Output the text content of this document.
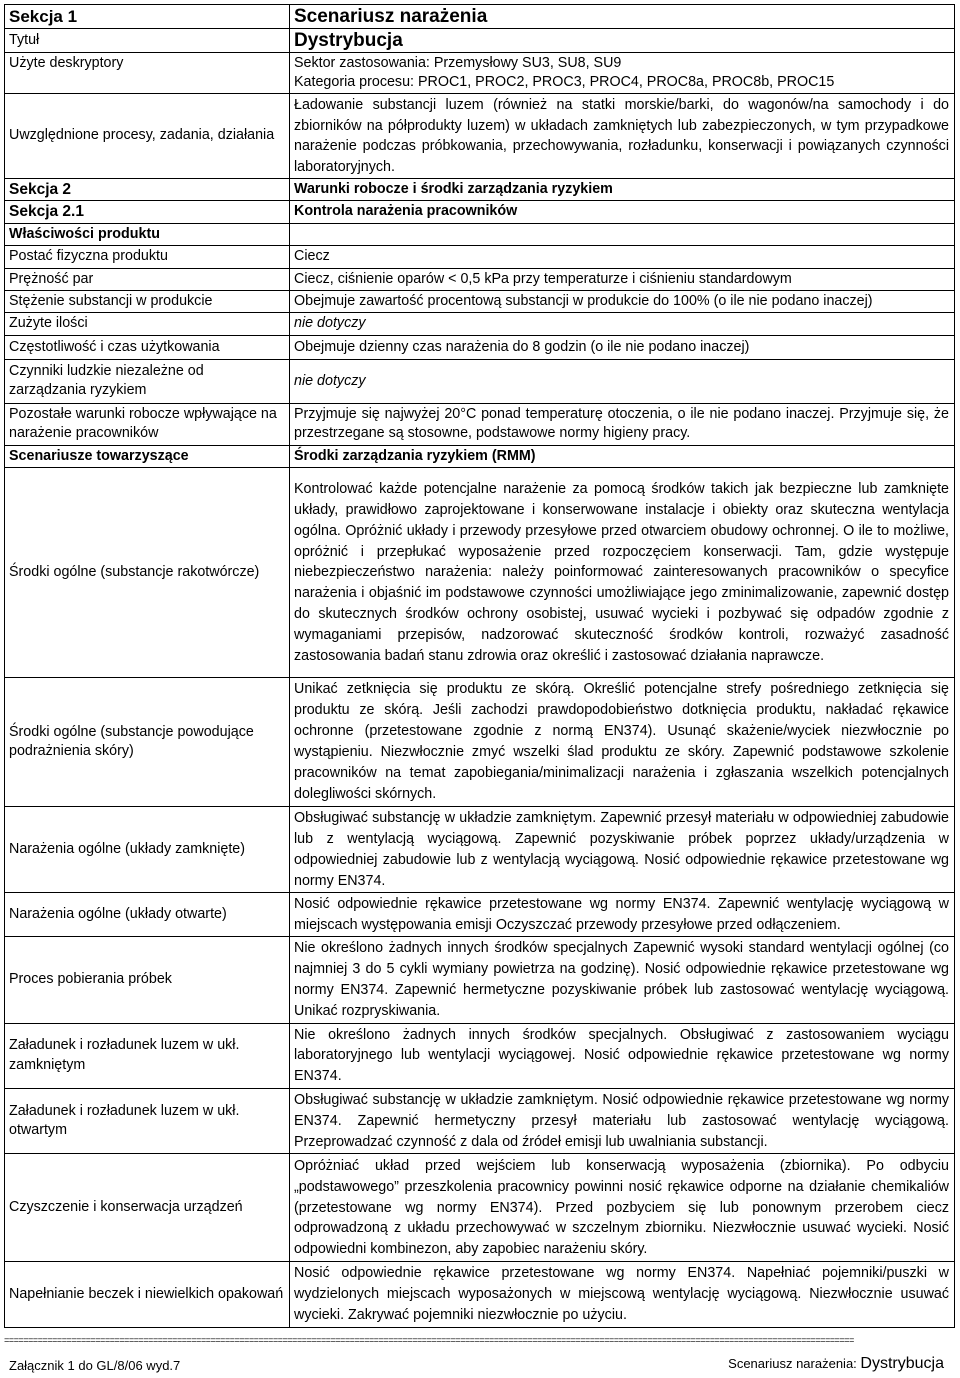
Sekcja 1	Scenariusz narażenia
Tytuł	Dystrybucja
Użyte deskryptory	Sektor zastosowania: Przemysłowy SU3, SU8, SU9
Kategoria procesu: PROC1, PROC2, PROC3, PROC4, PROC8a, PROC8b, PROC15

Uwzględnione procesy, zadania, działania	Ładowanie substancji luzem (również na statki morskie/barki, do wagonów/na samochody i do zbiorników na półprodukty luzem) w układach zamkniętych lub zabezpieczonych, w tym przypadkowe narażenie podczas próbkowania, przechowywania, rozładunku, konserwacji i powiązanych czynności laboratoryjnych.
Sekcja 2	Warunki robocze i środki zarządzania ryzykiem
Sekcja 2.1	Kontrola narażenia pracowników
Właściwości produktu	
Postać fizyczna produktu	Ciecz
Prężność par	Ciecz, ciśnienie oparów < 0,5 kPa przy temperaturze i ciśnieniu standardowym
Stężenie substancji w produkcie	Obejmuje zawartość procentową substancji w produkcie do 100% (o ile nie podano inaczej)
Zużyte ilości	nie dotyczy
Częstotliwość i czas użytkowania	Obejmuje dzienny czas narażenia do 8 godzin (o ile nie podano inaczej)
Czynniki ludzkie niezależne od zarządzania ryzykiem	nie dotyczy
Pozostałe warunki robocze wpływające na narażenie pracowników	Przyjmuje się najwyżej 20°C ponad temperaturę otoczenia, o ile nie podano inaczej. Przyjmuje się, że przestrzegane są stosowne, podstawowe normy higieny pracy.
Scenariusze towarzyszące	Środki zarządzania ryzykiem (RMM)
Środki ogólne (substancje rakotwórcze)	Kontrolować każde potencjalne narażenie za pomocą środków takich jak bezpieczne lub zamknięte układy, prawidłowo zaprojektowane i konserwowane instalacje i obiekty oraz skuteczna wentylacja ogólna. Opróżnić układy i przewody przesyłowe przed otwarciem obudowy ochronnej. O ile to możliwe, opróżnić i przepłukać wyposażenie przed rozpoczęciem konserwacji. Tam, gdzie występuje niebezpieczeństwo narażenia: należy poinformować zainteresowanych pracowników o specyfice narażenia i objaśnić im podstawowe czynności umożliwiające jego zminimalizowanie, zapewnić dostęp do skutecznych środków ochrony osobistej, usuwać wycieki i pozbywać się odpadów zgodnie z wymaganiami przepisów, nadzorować skuteczność środków kontroli, rozważyć zasadność zastosowania badań stanu zdrowia oraz określić i zastosować działania naprawcze.
Środki ogólne (substancje powodujące podrażnienia skóry)	Unikać zetknięcia się produktu ze skórą. Określić potencjalne strefy pośredniego zetknięcia się produktu ze skórą. Jeśli zachodzi prawdopodobieństwo dotknięcia produktu, nakładać rękawice ochronne (przetestowane zgodnie z normą EN374). Usunąć skażenie/wyciek niezwłocznie po wystąpieniu. Niezwłocznie zmyć wszelki ślad produktu ze skóry. Zapewnić podstawowe szkolenie pracowników na temat zapobiegania/minimalizacji narażenia i zgłaszania wszelkich potencjalnych dolegliwości skórnych.
Narażenia ogólne (układy zamknięte)	Obsługiwać substancję w układzie zamkniętym. Zapewnić przesył materiału w odpowiedniej zabudowie lub z wentylacją wyciągową. Zapewnić pozyskiwanie próbek poprzez układy/urządzenia w odpowiedniej zabudowie lub z wentylacją wyciągową. Nosić odpowiednie rękawice przetestowane wg normy EN374.
Narażenia ogólne (układy otwarte)	Nosić odpowiednie rękawice przetestowane wg normy EN374. Zapewnić wentylację wyciągową w miejscach występowania emisji Oczyszczać przewody przesyłowe przed odłączeniem.
Proces pobierania próbek	Nie określono żadnych innych środków specjalnych Zapewnić wysoki standard wentylacji ogólnej (co najmniej 3 do 5 cykli wymiany powietrza na godzinę). Nosić odpowiednie rękawice przetestowane wg normy EN374. Zapewnić hermetyczne pozyskiwanie próbek lub zastosować wentylację wyciągową. Unikać rozpryskiwania.
Załadunek i rozładunek luzem w ukł. zamkniętym	Nie określono żadnych innych środków specjalnych. Obsługiwać z zastosowaniem wyciągu laboratoryjnego lub wentylacji wyciągowej. Nosić odpowiednie rękawice przetestowane wg normy EN374.
Załadunek i rozładunek luzem w ukł. otwartym	Obsługiwać substancję w układzie zamkniętym. Nosić odpowiednie rękawice przetestowane wg normy EN374. Zapewnić hermetyczny przesył materiału lub zastosować wentylację wyciągową. Przeprowadzać czynność z dala od źródeł emisji lub uwalniania substancji.
Czyszczenie i konserwacja urządzeń	Opróżniać układ przed wejściem lub konserwacją wyposażenia (zbiornika). Po odbyciu „podstawowego” przeszkolenia pracownicy powinni nosić rękawice odporne na działanie chemikaliów (przetestowane wg normy EN374). Przed pozbyciem się lub ponownym przerobem ciecz odprowadzoną z układu przechowywać w szczelnym zbiorniku. Niezwłocznie usuwać wycieki. Nosić odpowiedni kombinezon, aby zapobiec narażeniu skóry.
Napełnianie beczek i niewielkich opakowań	Nosić odpowiednie rękawice przetestowane wg normy EN374. Napełniać pojemniki/puszki w wydzielonych miejscach wyposażonych w miejscową wentylację wyciągową. Niezwłocznie usuwać wycieki. Zakrywać pojemniki niezwłocznie po użyciu.
=================================================================================================================================================================================
Załącznik 1 do GL/8/06 wyd.7	Scenariusz narażenia: Dystrybucja
